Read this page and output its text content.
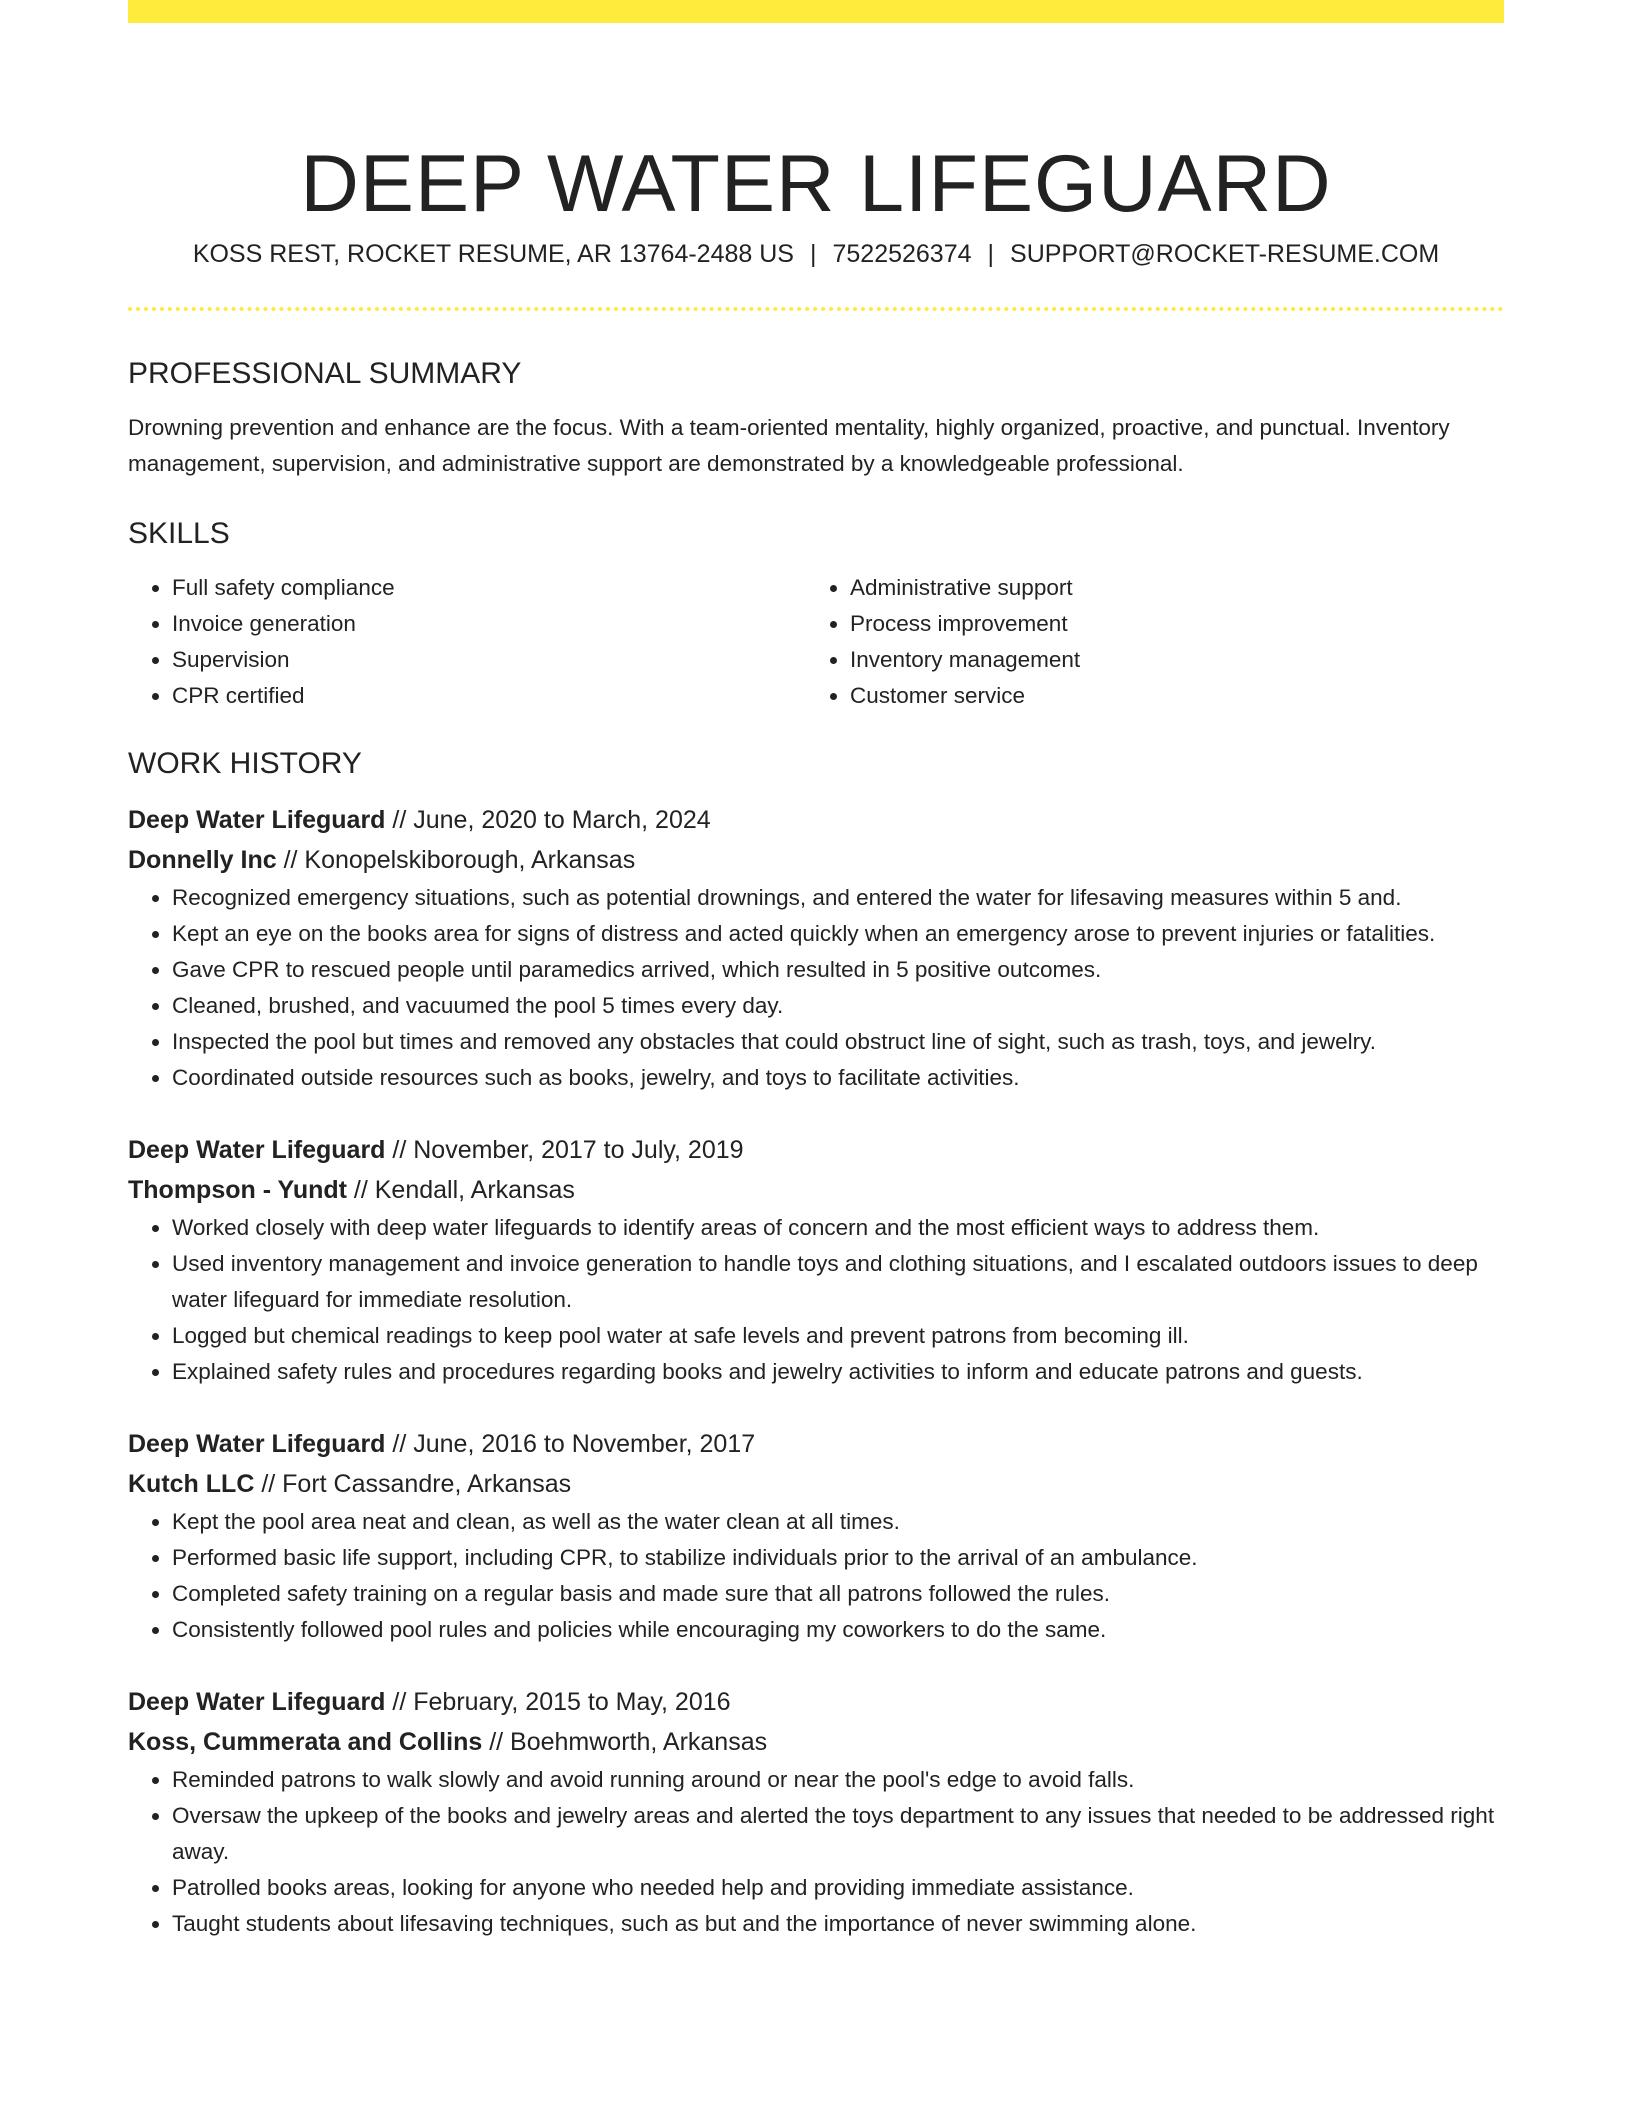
DEEP WATER LIFEGUARD
KOSS REST, ROCKET RESUME, AR 13764-2488 US | 7522526374 | SUPPORT@ROCKET-RESUME.COM
PROFESSIONAL SUMMARY

Drowning prevention and enhance are the focus. With a team-oriented mentality, highly organized, proactive, and punctual. Inventory management, supervision, and administrative support are demonstrated by a knowledgeable professional.

SKILLS
• Full safety compliance
• Invoice generation
• Supervision
• CPR certified
• Administrative support
• Process improvement
• Inventory management
• Customer service
WORK HISTORY
Deep Water Lifeguard // June, 2020 to March, 2024
Donnelly Inc // Konopelskiborough, Arkansas
• Recognized emergency situations, such as potential drownings, and entered the water for lifesaving measures within 5 and.
• Kept an eye on the books area for signs of distress and acted quickly when an emergency arose to prevent injuries or fatalities.
• Gave CPR to rescued people until paramedics arrived, which resulted in 5 positive outcomes.
• Cleaned, brushed, and vacuumed the pool 5 times every day.
• Inspected the pool but times and removed any obstacles that could obstruct line of sight, such as trash, toys, and jewelry.
• Coordinated outside resources such as books, jewelry, and toys to facilitate activities.
Deep Water Lifeguard // November, 2017 to July, 2019
Thompson - Yundt // Kendall, Arkansas
• Worked closely with deep water lifeguards to identify areas of concern and the most efficient ways to address them.
• Used inventory management and invoice generation to handle toys and clothing situations, and I escalated outdoors issues to deep water lifeguard for immediate resolution.
• Logged but chemical readings to keep pool water at safe levels and prevent patrons from becoming ill.
• Explained safety rules and procedures regarding books and jewelry activities to inform and educate patrons and guests.
Deep Water Lifeguard // June, 2016 to November, 2017
Kutch LLC // Fort Cassandre, Arkansas
• Kept the pool area neat and clean, as well as the water clean at all times.
• Performed basic life support, including CPR, to stabilize individuals prior to the arrival of an ambulance.
• Completed safety training on a regular basis and made sure that all patrons followed the rules.
• Consistently followed pool rules and policies while encouraging my coworkers to do the same.
Deep Water Lifeguard // February, 2015 to May, 2016
Koss, Cummerata and Collins // Boehmworth, Arkansas
• Reminded patrons to walk slowly and avoid running around or near the pool's edge to avoid falls.
• Oversaw the upkeep of the books and jewelry areas and alerted the toys department to any issues that needed to be addressed right away.
• Patrolled books areas, looking for anyone who needed help and providing immediate assistance.
• Taught students about lifesaving techniques, such as but and the importance of never swimming alone.
